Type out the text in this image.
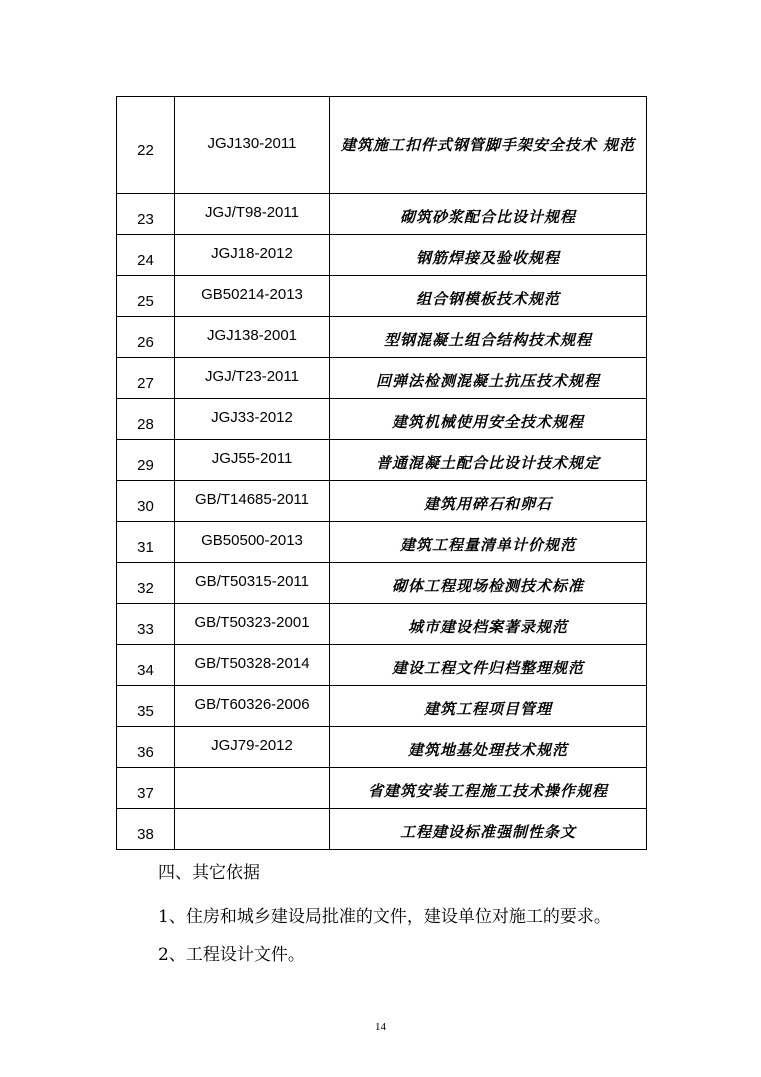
22	JGJ130-2011	建筑施工扣件式钢管脚手架安全技术 规范
23	JGJ/T98-2011	砌筑砂浆配合比设计规程
24	JGJ18-2012	钢筋焊接及验收规程
25	GB50214-2013	组合钢模板技术规范
26	JGJ138-2001	型钢混凝土组合结构技术规程
27	JGJ/T23-2011	回弹法检测混凝土抗压技术规程
28	JGJ33-2012	建筑机械使用安全技术规程
29	JGJ55-2011	普通混凝土配合比设计技术规定
30	GB/T14685-2011	建筑用碎石和卵石
31	GB50500-2013	建筑工程量清单计价规范
32	GB/T50315-2011	砌体工程现场检测技术标准
33	GB/T50323-2001	城市建设档案著录规范
34	GB/T50328-2014	建设工程文件归档整理规范
35	GB/T60326-2006	建筑工程项目管理
36	JGJ79-2012	建筑地基处理技术规范
37		省建筑安装工程施工技术操作规程
38		工程建设标准强制性条文
四、其它依据
1、住房和城乡建设局批准的文件，建设单位对施工的要求。
2、工程设计文件。
14
